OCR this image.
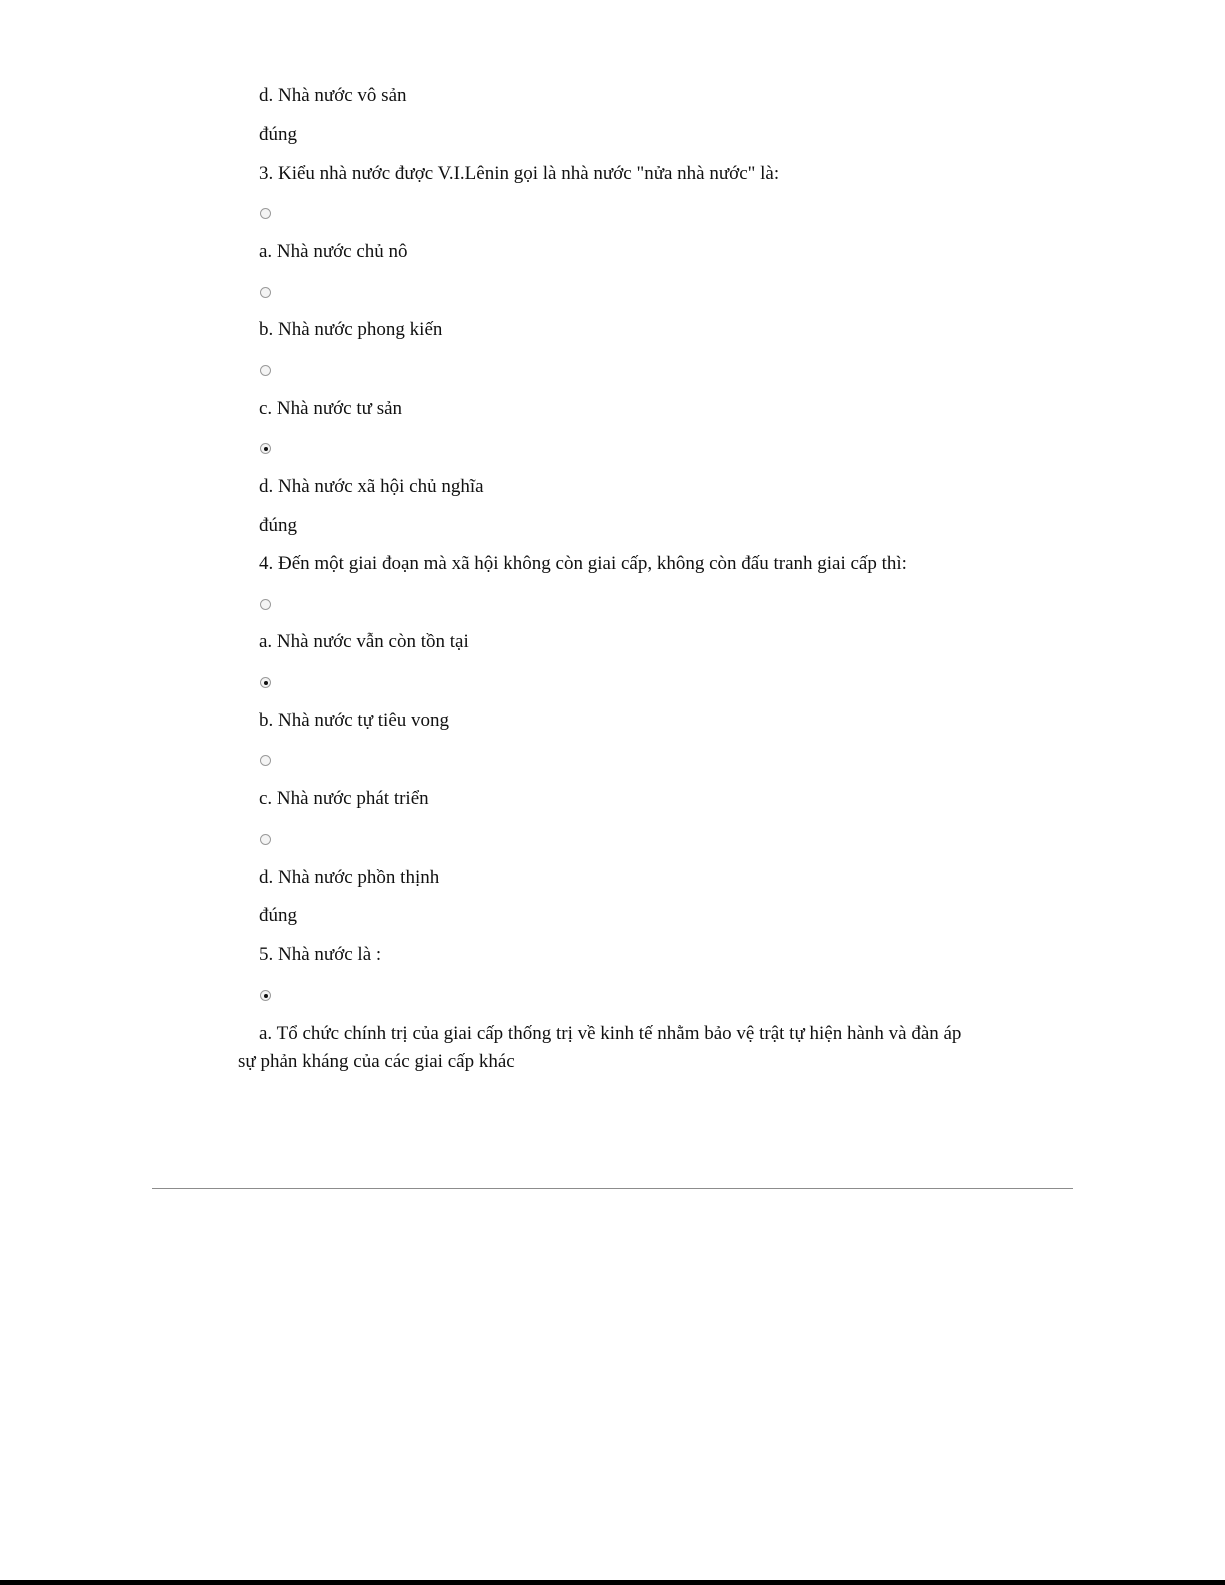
d. Nhà nước vô sản
đúng
3. Kiểu nhà nước được V.I.Lênin gọi là nhà nước "nửa nhà nước" là:
a. Nhà nước chủ nô
b. Nhà nước phong kiến
c. Nhà nước tư sản
d. Nhà nước xã hội chủ nghĩa
đúng
4. Đến một giai đoạn mà xã hội không còn giai cấp, không còn đấu tranh giai cấp thì:
a. Nhà nước vẫn còn tồn tại
b. Nhà nước tự tiêu vong
c. Nhà nước phát triển
d. Nhà nước phồn thịnh
đúng
5. Nhà nước là :
a. Tổ chức chính trị của giai cấp thống trị về kinh tế nhằm bảo vệ trật tự hiện hành và đàn áp
sự phản kháng của các giai cấp khác
